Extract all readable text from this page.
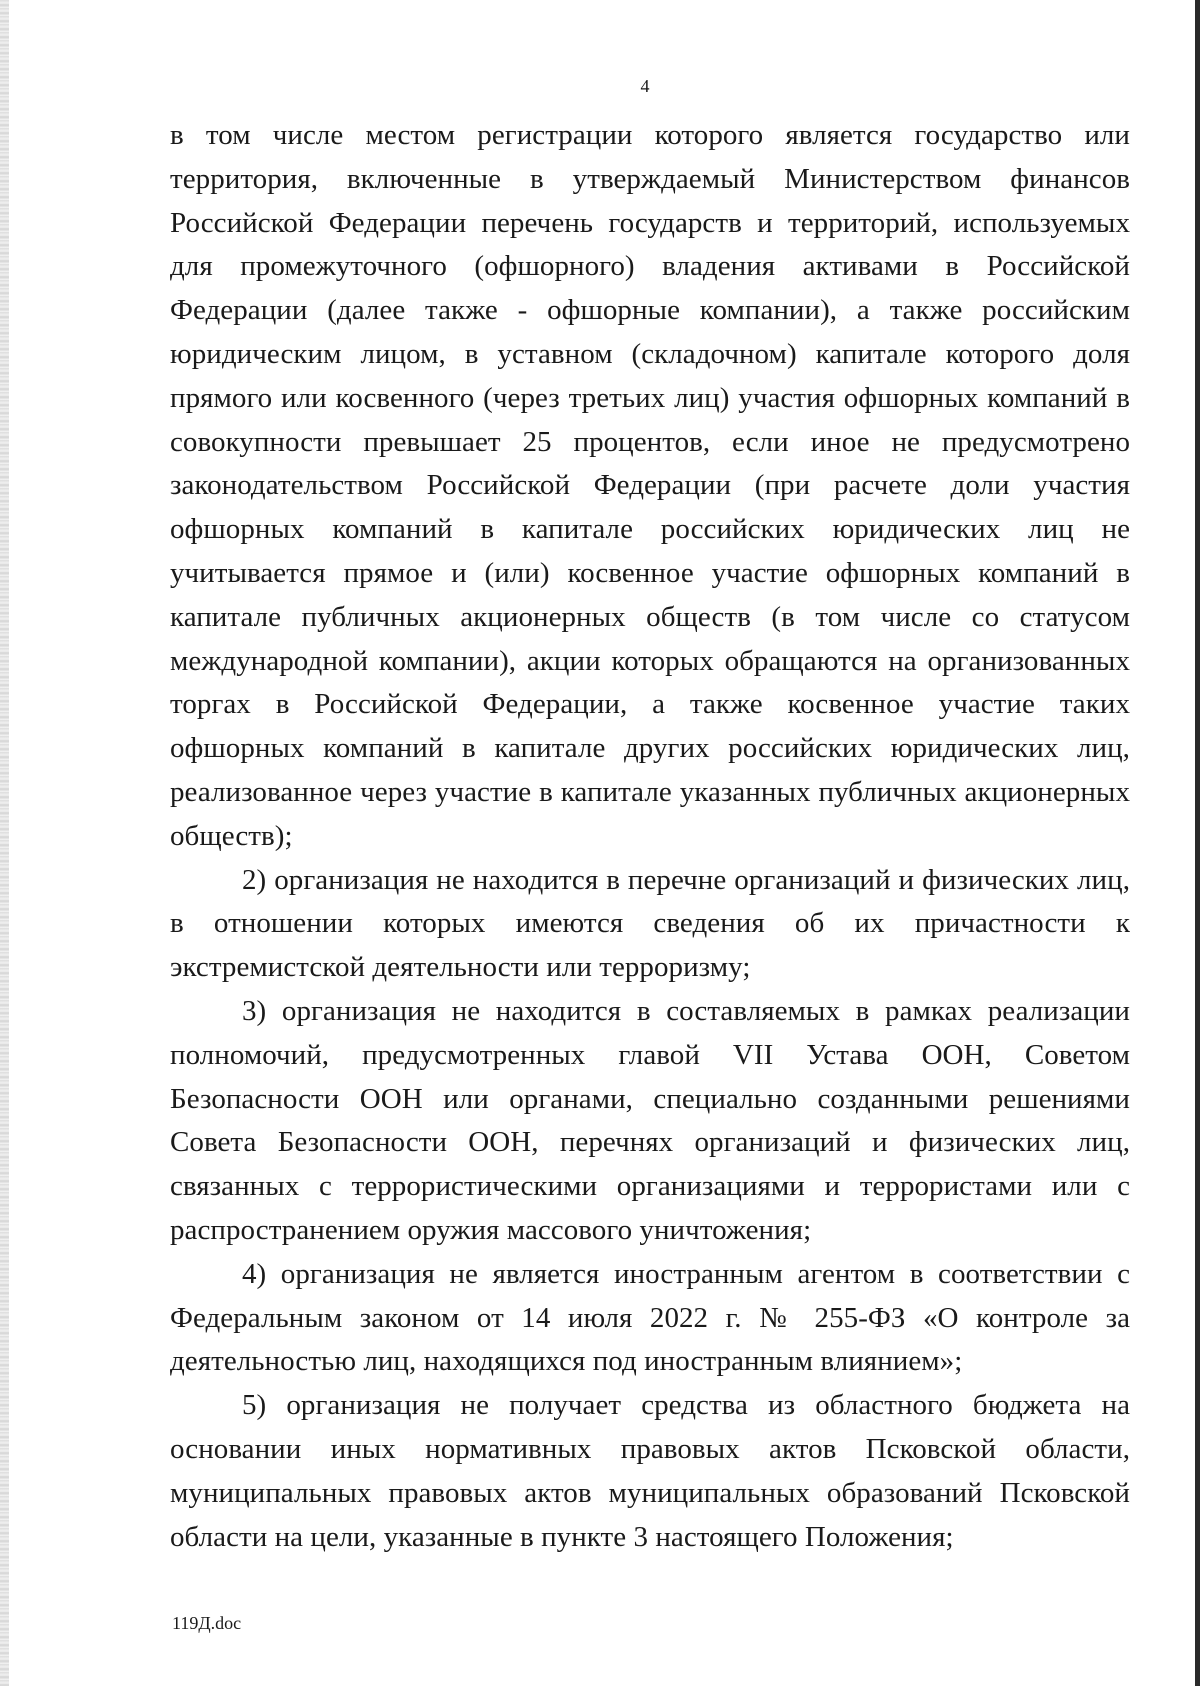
4

в том числе местом регистрации которого является государство или территория, включенные в утверждаемый Министерством финансов Российской Федерации перечень государств и территорий, используемых для промежуточного (офшорного) владения активами в Российской Федерации (далее также - офшорные компании), а также российским юридическим лицом, в уставном (складочном) капитале которого доля прямого или косвенного (через третьих лиц) участия офшорных компаний в совокупности превышает 25 процентов, если иное не предусмотрено законодательством Российской Федерации (при расчете доли участия офшорных компаний в капитале российских юридических лиц не учитывается прямое и (или) косвенное участие офшорных компаний в капитале публичных акционерных обществ (в том числе со статусом международной компании), акции которых обращаются на организованных торгах в Российской Федерации, а также косвенное участие таких офшорных компаний в капитале других российских юридических лиц, реализованное через участие в капитале указанных публичных акционерных обществ);

2) организация не находится в перечне организаций и физических лиц, в отношении которых имеются сведения об их причастности к экстремистской деятельности или терроризму;

3) организация не находится в составляемых в рамках реализации полномочий, предусмотренных главой VII Устава ООН, Советом Безопасности ООН или органами, специально созданными решениями Совета Безопасности ООН, перечнях организаций и физических лиц, связанных с террористическими организациями и террористами или с распространением оружия массового уничтожения;

4) организация не является иностранным агентом в соответствии с Федеральным законом от 14 июля 2022 г. № 255-ФЗ «О контроле за деятельностью лиц, находящихся под иностранным влиянием»;

5) организация не получает средства из областного бюджета на основании иных нормативных правовых актов Псковской области, муниципальных правовых актов муниципальных образований Псковской области на цели, указанные в пункте 3 настоящего Положения;

119Д.doc
